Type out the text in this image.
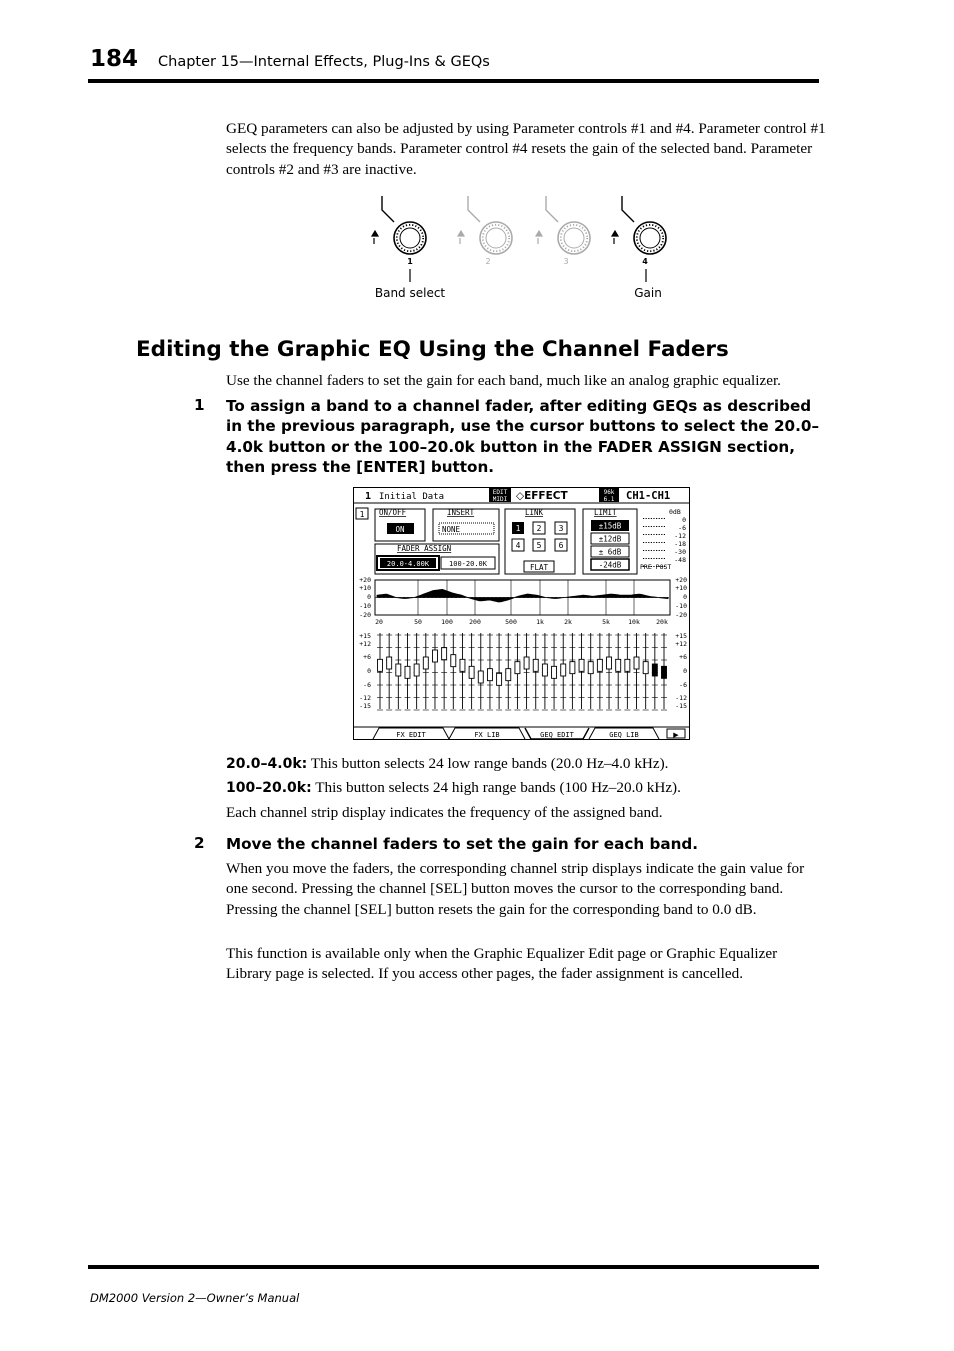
184 Chapter 15—Internal Effects, Plug-Ins & GEQs
GEQ parameters can also be adjusted by using Parameter controls #1 and #4. Parameter control #1 selects the frequency bands. Parameter control #4 resets the gain of the selected band. Parameter controls #2 and #3 are inactive.
1	2	3	4
Band select	Gain
Editing the Graphic EQ Using the Channel Faders
Use the channel faders to set the gain for each band, much like an analog graphic equalizer.
1 To assign a band to a channel fader, after editing GEQs as described in the previous paragraph, use the cursor buttons to select the 20.0–4.0k button or the 100–20.0k button in the FADER ASSIGN section, then press the [ENTER] button.
1 Initial Data	EDIT
MIDI ◇EFFECT	96k
6.1 CH1-CH1
1 ON/OFF
ON
INSERT
NONE
FADER ASSIGN
20.0-4.00K	100-20.0K
LINK
1 2 3
4 5 6
FLAT
LIMIT
±15dB
±12dB
± 6dB
-24dB
0dB
0
-6
-12
-18
-30
-48
PRE POST
+20
+10
0
-10
-20
+20
+10
0
-10
-20
20	50	100	200	500	1k	2k	5k	10k	20k
+15
+12
+6
0
-6
-12
-15
+15
+12
+6
0
-6
-12
-15
FX EDIT	FX LIB	GEQ EDIT	GEQ LIB	▶
20.0–4.0k: This button selects 24 low range bands (20.0 Hz–4.0 kHz).
100–20.0k: This button selects 24 high range bands (100 Hz–20.0 kHz).
Each channel strip display indicates the frequency of the assigned band.
2 Move the channel faders to set the gain for each band.
When you move the faders, the corresponding channel strip displays indicate the gain value for one second. Pressing the channel [SEL] button moves the cursor to the corresponding band. Pressing the channel [SEL] button resets the gain for the corresponding band to 0.0 dB.
This function is available only when the Graphic Equalizer Edit page or Graphic Equalizer Library page is selected. If you access other pages, the fader assignment is cancelled.
DM2000 Version 2—Owner’s Manual
